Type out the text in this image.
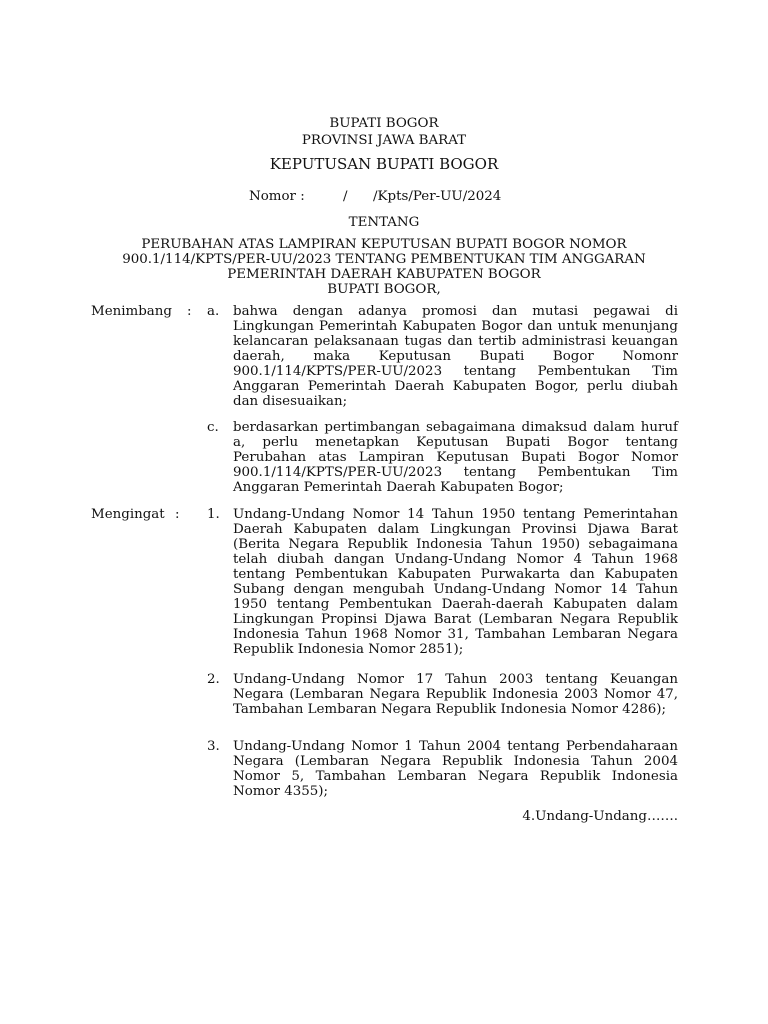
BUPATI BOGOR
PROVINSI JAWA BARAT
KEPUTUSAN BUPATI BOGOR
Nomor :	/      /Kpts/Per-UU/2024
TENTANG
PERUBAHAN ATAS LAMPIRAN KEPUTUSAN BUPATI BOGOR NOMOR
900.1/114/KPTS/PER-UU/2023 TENTANG PEMBENTUKAN TIM ANGGARAN
PEMERINTAH DAERAH KABUPATEN BOGOR
BUPATI BOGOR,
Menimbang : a. bahwa dengan adanya promosi dan mutasi pegawai di Lingkungan Pemerintah Kabupaten Bogor dan untuk menunjang kelancaran pelaksanaan tugas dan tertib administrasi keuangan daerah, maka Keputusan Bupati Bogor Nomonr 900.1/114/KPTS/PER-UU/2023 tentang Pembentukan Tim Anggaran Pemerintah Daerah Kabupaten Bogor, perlu diubah dan disesuaikan;
c. berdasarkan pertimbangan sebagaimana dimaksud dalam huruf a, perlu menetapkan Keputusan Bupati Bogor tentang Perubahan atas Lampiran Keputusan Bupati Bogor Nomor 900.1/114/KPTS/PER-UU/2023 tentang Pembentukan Tim Anggaran Pemerintah Daerah Kabupaten Bogor;
Mengingat : 1. Undang-Undang Nomor 14 Tahun 1950 tentang Pemerintahan Daerah Kabupaten dalam Lingkungan Provinsi Djawa Barat (Berita Negara Republik Indonesia Tahun 1950) sebagaimana telah diubah dangan Undang-Undang Nomor 4 Tahun 1968 tentang Pembentukan Kabupaten Purwakarta dan Kabupaten Subang dengan mengubah Undang-Undang Nomor 14 Tahun 1950 tentang Pembentukan Daerah-daerah Kabupaten dalam Lingkungan Propinsi Djawa Barat (Lembaran Negara Republik Indonesia Tahun 1968 Nomor 31, Tambahan Lembaran Negara Republik Indonesia Nomor 2851);
2. Undang-Undang Nomor 17 Tahun 2003 tentang Keuangan Negara (Lembaran Negara Republik Indonesia 2003 Nomor 47, Tambahan Lembaran Negara Republik Indonesia Nomor 4286);
3. Undang-Undang Nomor 1 Tahun 2004 tentang Perbendaharaan Negara (Lembaran Negara Republik Indonesia Tahun 2004 Nomor 5, Tambahan Lembaran Negara Republik Indonesia Nomor 4355);
4.Undang-Undang…….
